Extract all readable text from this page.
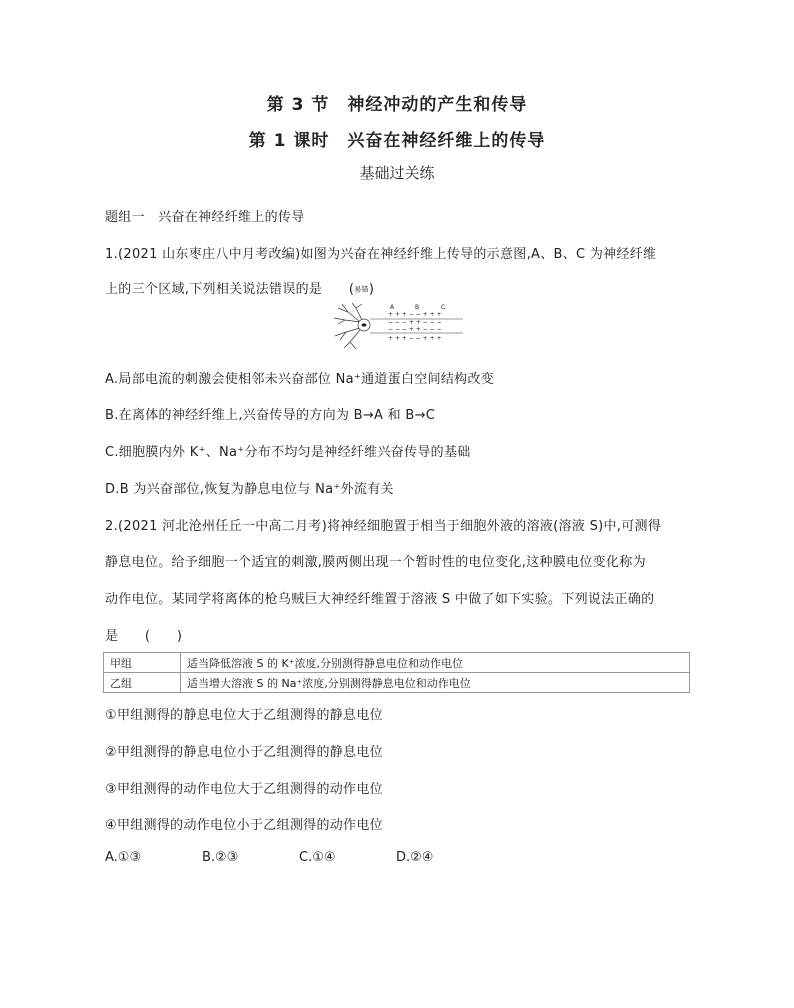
第 3 节　神经冲动的产生和传导
第 1 课时　兴奋在神经纤维上的传导
基础过关练
题组一　兴奋在神经纤维上的传导
1.(2021 山东枣庄八中月考改编)如图为兴奋在神经纤维上传导的示意图,A、B、C 为神经纤维
上的三个区域,下列相关说法错误的是　　(易错)
A	B	C
+ + + − − + + +
− − − + + − − −
− − − + + − − −
+ + + − − + + +
A.局部电流的刺激会使相邻未兴奋部位 Na⁺通道蛋白空间结构改变
B.在离体的神经纤维上,兴奋传导的方向为 B→A 和 B→C
C.细胞膜内外 K⁺、Na⁺分布不均匀是神经纤维兴奋传导的基础
D.B 为兴奋部位,恢复为静息电位与 Na⁺外流有关
2.(2021 河北沧州任丘一中高二月考)将神经细胞置于相当于细胞外液的溶液(溶液 S)中,可测得
静息电位。给予细胞一个适宜的刺激,膜两侧出现一个暂时性的电位变化,这种膜电位变化称为
动作电位。某同学将离体的枪乌贼巨大神经纤维置于溶液 S 中做了如下实验。下列说法正确的
是　　(　　)
甲组	适当降低溶液 S 的 K⁺浓度,分别测得静息电位和动作电位
乙组	适当增大溶液 S 的 Na⁺浓度,分别测得静息电位和动作电位
①甲组测得的静息电位大于乙组测得的静息电位
②甲组测得的静息电位小于乙组测得的静息电位
③甲组测得的动作电位大于乙组测得的动作电位
④甲组测得的动作电位小于乙组测得的动作电位
A.①③	B.②③	C.①④	D.②④
